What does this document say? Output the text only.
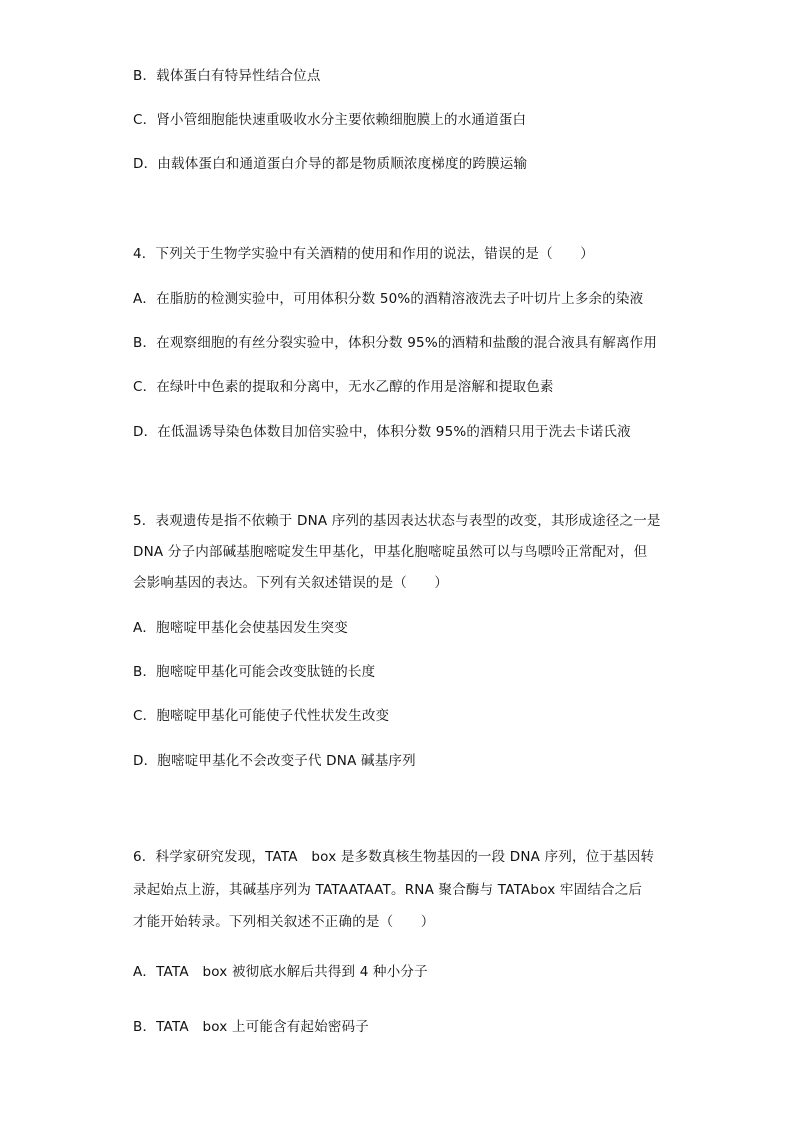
B．载体蛋白有特异性结合位点
C．肾小管细胞能快速重吸收水分主要依赖细胞膜上的水通道蛋白
D．由载体蛋白和通道蛋白介导的都是物质顺浓度梯度的跨膜运输
4．下列关于生物学实验中有关酒精的使用和作用的说法，错误的是（　　）
A．在脂肪的检测实验中，可用体积分数 50%的酒精溶液洗去子叶切片上多余的染液
B．在观察细胞的有丝分裂实验中，体积分数 95%的酒精和盐酸的混合液具有解离作用
C．在绿叶中色素的提取和分离中，无水乙醇的作用是溶解和提取色素
D．在低温诱导染色体数目加倍实验中，体积分数 95%的酒精只用于洗去卡诺氏液
5．表观遗传是指不依赖于 DNA 序列的基因表达状态与表型的改变，其形成途径之一是
DNA 分子内部碱基胞嘧啶发生甲基化，甲基化胞嘧啶虽然可以与鸟嘌呤正常配对，但
会影响基因的表达。下列有关叙述错误的是（　　）
A．胞嘧啶甲基化会使基因发生突变
B．胞嘧啶甲基化可能会改变肽链的长度
C．胞嘧啶甲基化可能使子代性状发生改变
D．胞嘧啶甲基化不会改变子代 DNA 碱基序列
6．科学家研究发现，TATA　box 是多数真核生物基因的一段 DNA 序列，位于基因转
录起始点上游，其碱基序列为 TATAATAAT。RNA 聚合酶与 TATAbox 牢固结合之后
才能开始转录。下列相关叙述不正确的是（　　）
A．TATA　box 被彻底水解后共得到 4 种小分子
B．TATA　box 上可能含有起始密码子
